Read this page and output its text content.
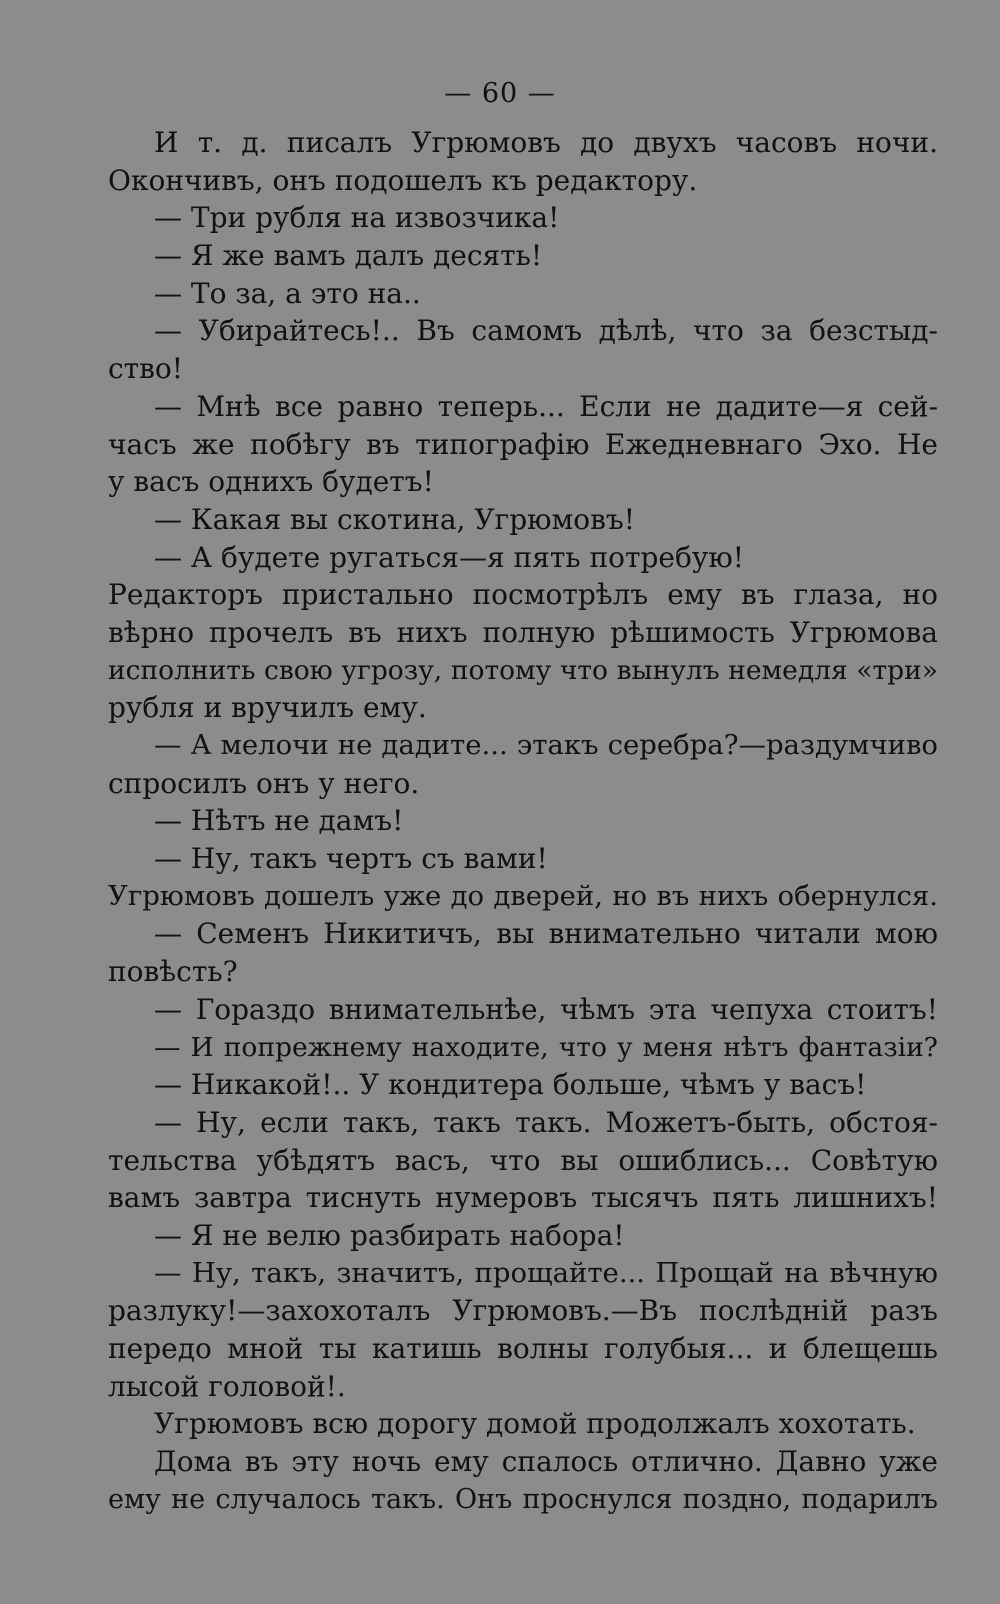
— 60 —
И т. д. писалъ Угрюмовъ до двухъ часовъ ночи.
Окончивъ, онъ подошелъ къ редактору.
— Три рубля на извозчика!
— Я же вамъ далъ десять!
— То за, а это на..
— Убирайтесь!.. Въ самомъ дѣлѣ, что за безстыд-
ство!
— Мнѣ все равно теперь... Если не дадите—я сей-
часъ же побѣгу въ типографію Ежедневнаго Эхо. Не
у васъ однихъ будетъ!
— Какая вы скотина, Угрюмовъ!
— А будете ругаться—я пять потребую!
Редакторъ пристально посмотрѣлъ ему въ глаза, но
вѣрно прочелъ въ нихъ полную рѣшимость Угрюмова
исполнить свою угрозу, потому что вынулъ немедля «три»
рубля и вручилъ ему.
— А мелочи не дадите... этакъ серебра?—раздумчиво
спросилъ онъ у него.
— Нѣтъ не дамъ!
— Ну, такъ чертъ съ вами!
Угрюмовъ дошелъ уже до дверей, но въ нихъ обернулся.
— Семенъ Никитичъ, вы внимательно читали мою
повѣсть?
— Гораздо внимательнѣе, чѣмъ эта чепуха стоитъ!
— И попрежнему находите, что у меня нѣтъ фантазіи?
— Никакой!.. У кондитера больше, чѣмъ у васъ!
— Ну, если такъ, такъ такъ. Можетъ-быть, обстоя-
тельства убѣдятъ васъ, что вы ошиблись... Совѣтую
вамъ завтра тиснуть нумеровъ тысячъ пять лишнихъ!
— Я не велю разбирать набора!
— Ну, такъ, значитъ, прощайте... Прощай на вѣчную
разлуку!—захохоталъ Угрюмовъ.—Въ послѣдній разъ
передо мной ты катишь волны голубыя... и блещешь
лысой головой!.
Угрюмовъ всю дорогу домой продолжалъ хохотать.
Дома въ эту ночь ему спалось отлично. Давно уже
ему не случалось такъ. Онъ проснулся поздно, подарилъ
